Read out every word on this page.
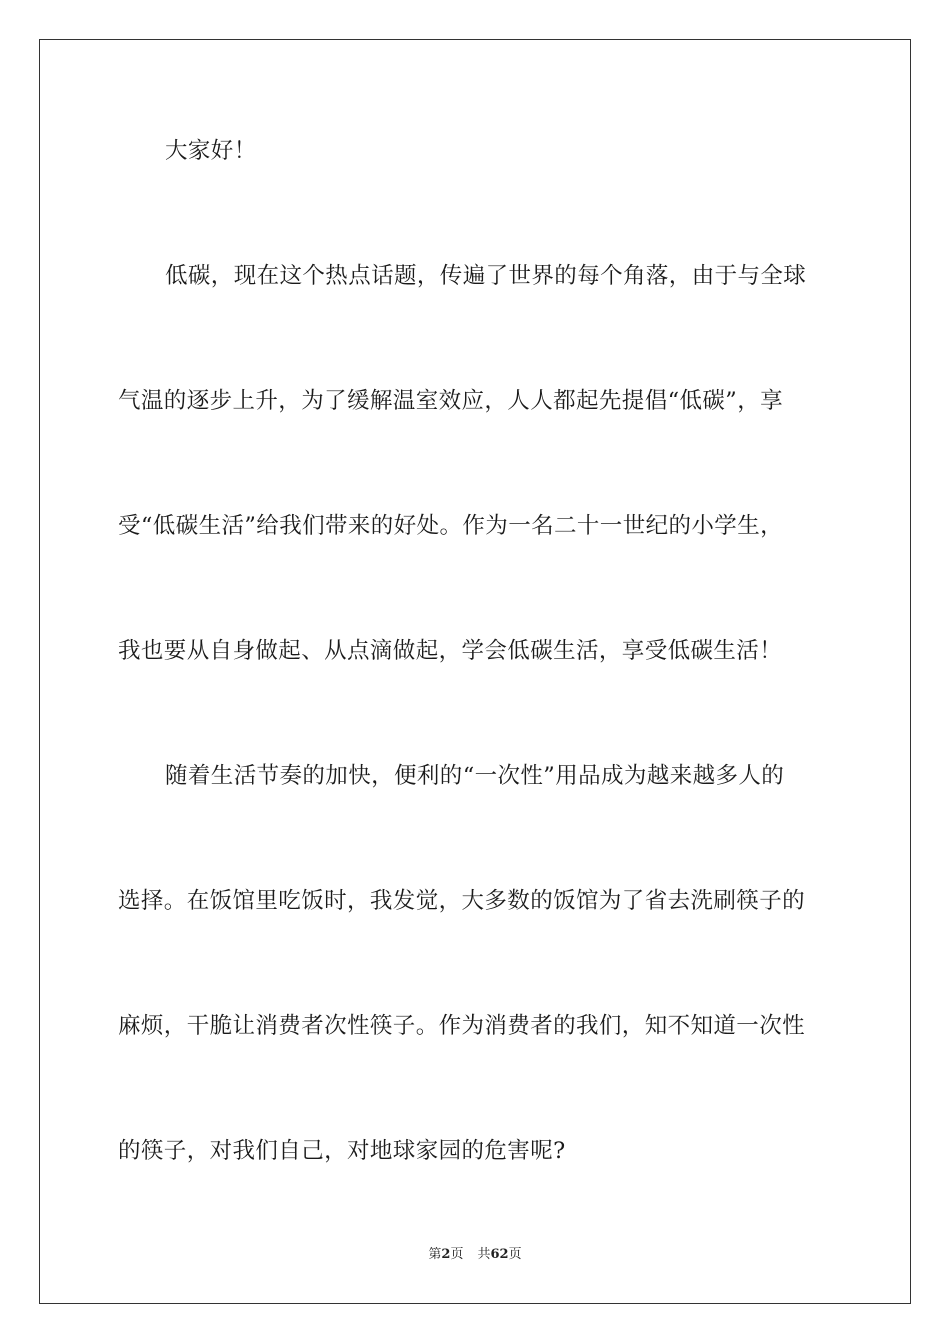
大家好！
低碳，现在这个热点话题，传遍了世界的每个角落，由于与全球
气温的逐步上升，为了缓解温室效应，人人都起先提倡“低碳”，享
受“低碳生活”给我们带来的好处。作为一名二十一世纪的小学生，
我也要从自身做起、从点滴做起，学会低碳生活，享受低碳生活！
随着生活节奏的加快，便利的“一次性”用品成为越来越多人的
选择。在饭馆里吃饭时，我发觉，大多数的饭馆为了省去洗刷筷子的
麻烦，干脆让消费者次性筷子。作为消费者的我们，知不知道一次性
的筷子，对我们自己，对地球家园的危害呢?
第2页 共62页
